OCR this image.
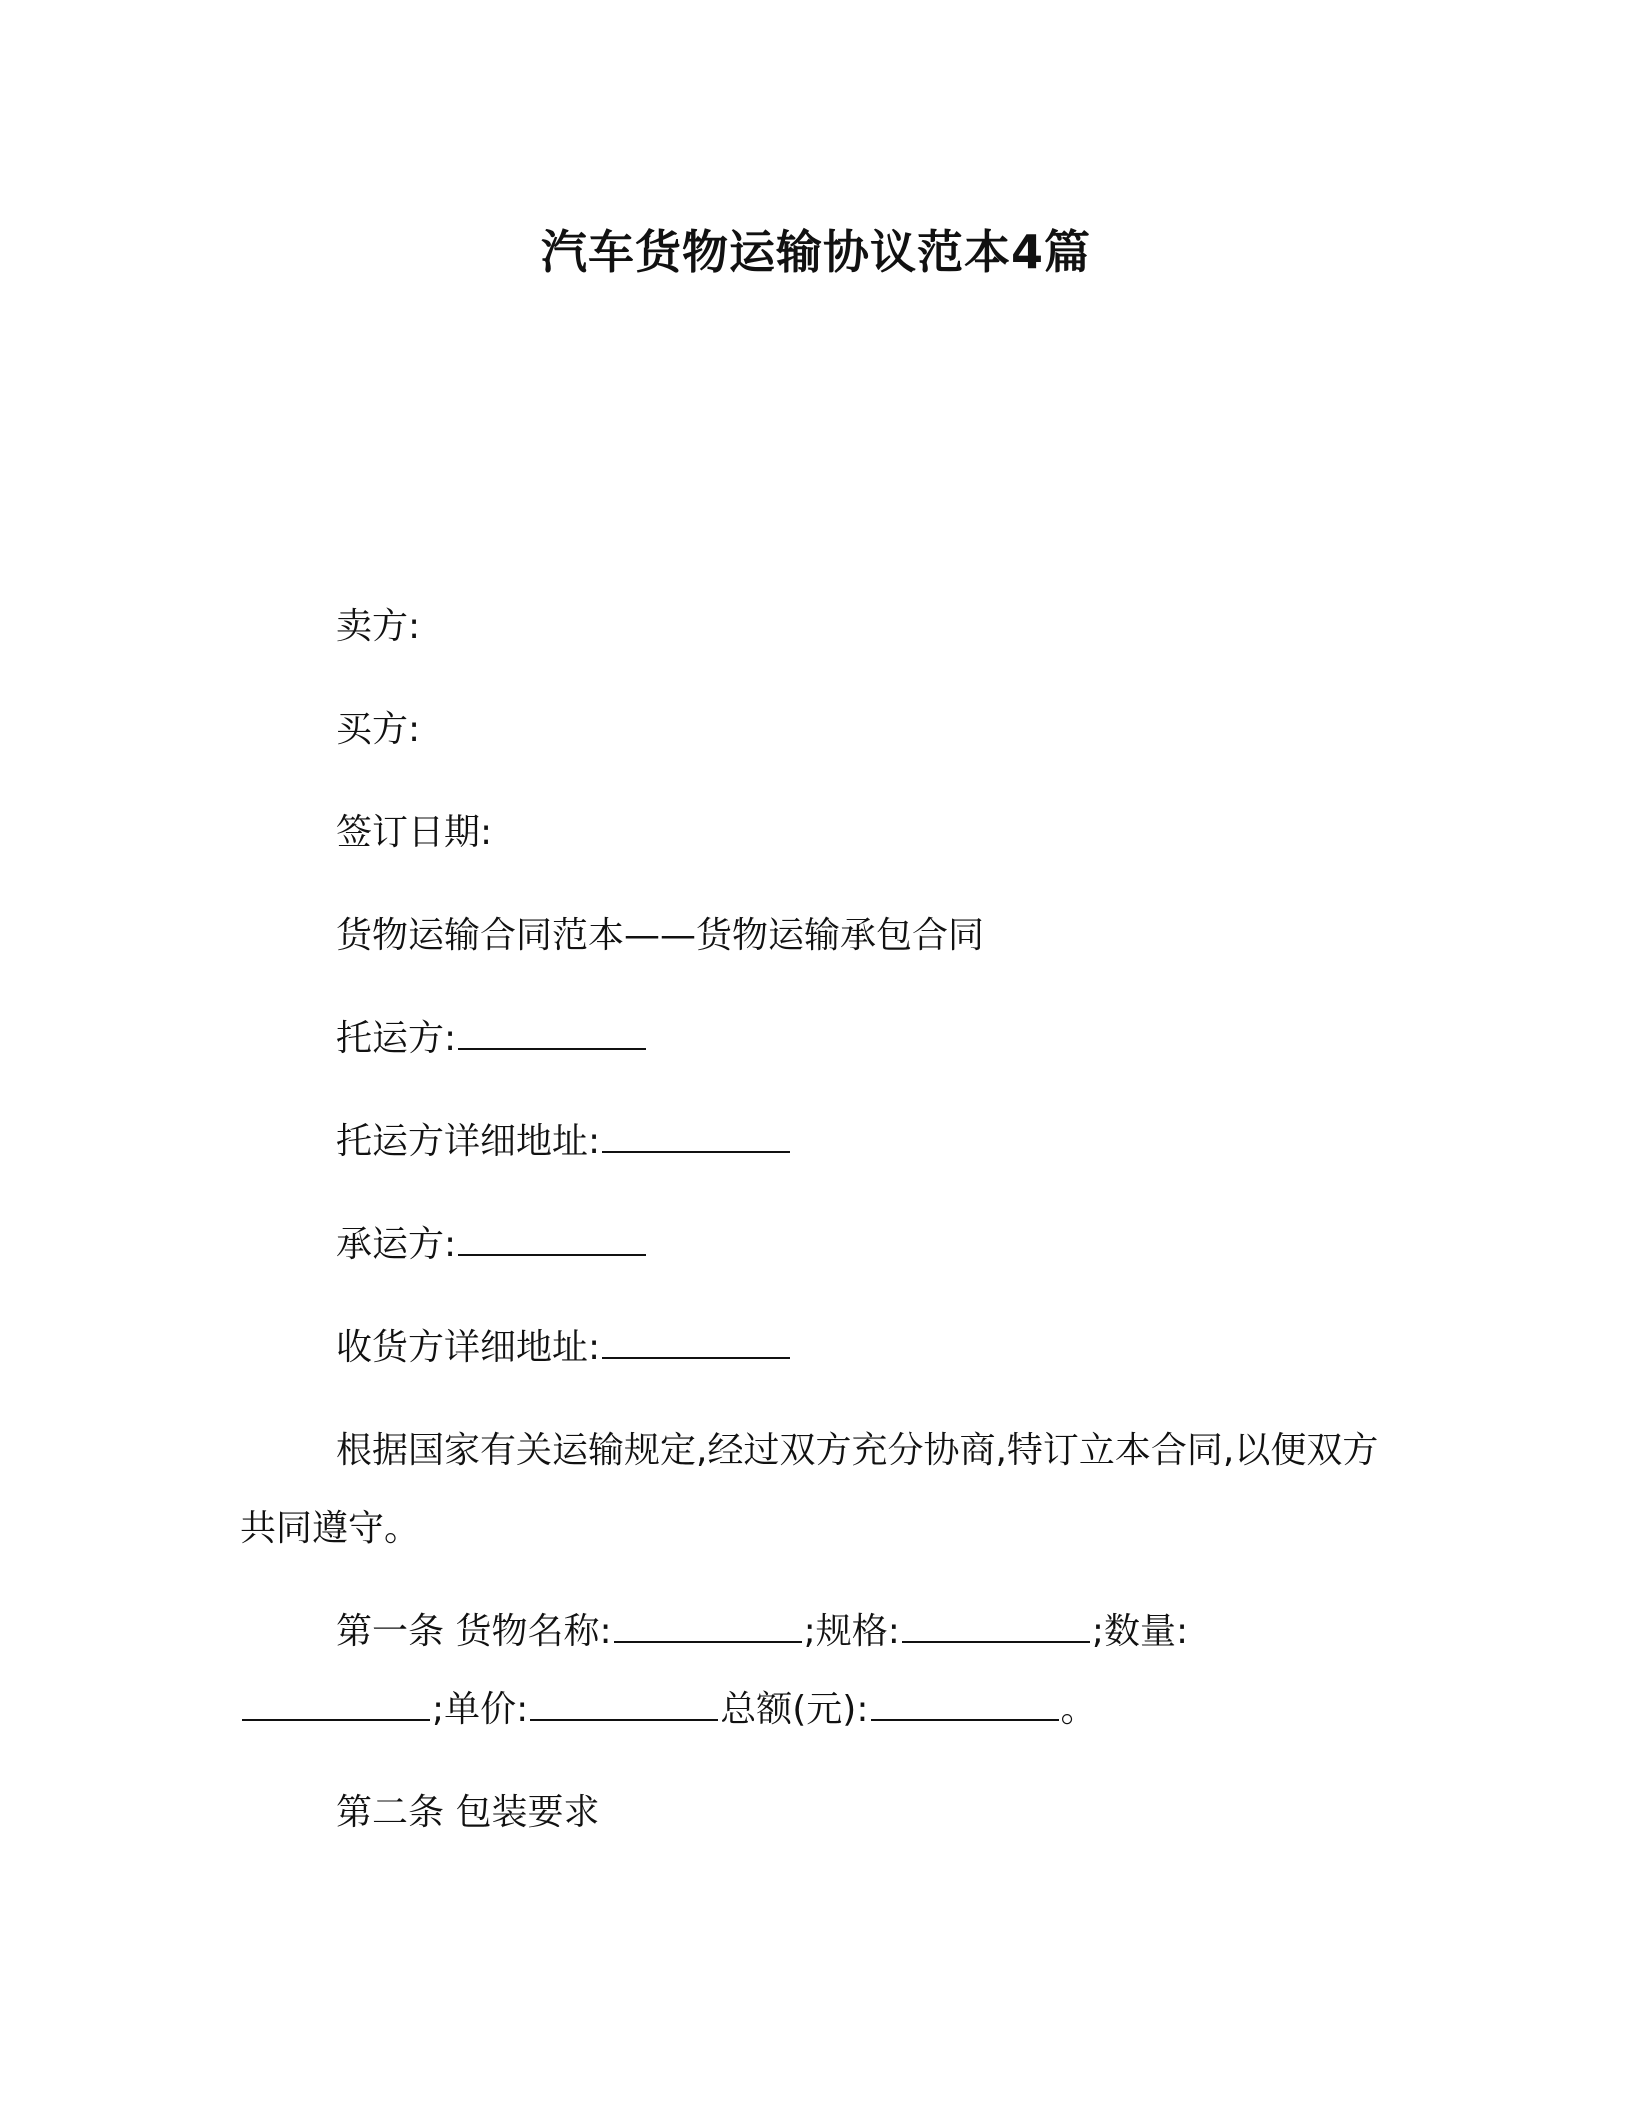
汽车货物运输协议范本4篇
卖方:
买方:
签订日期:
货物运输合同范本——货物运输承包合同
托运方:
托运方详细地址:
承运方:
收货方详细地址:
根据国家有关运输规定,经过双方充分协商,特订立本合同,以便双方共同遵守。
第一条 货物名称:	;规格:	;数量:;单价:	总额(元):	。
第二条 包装要求
